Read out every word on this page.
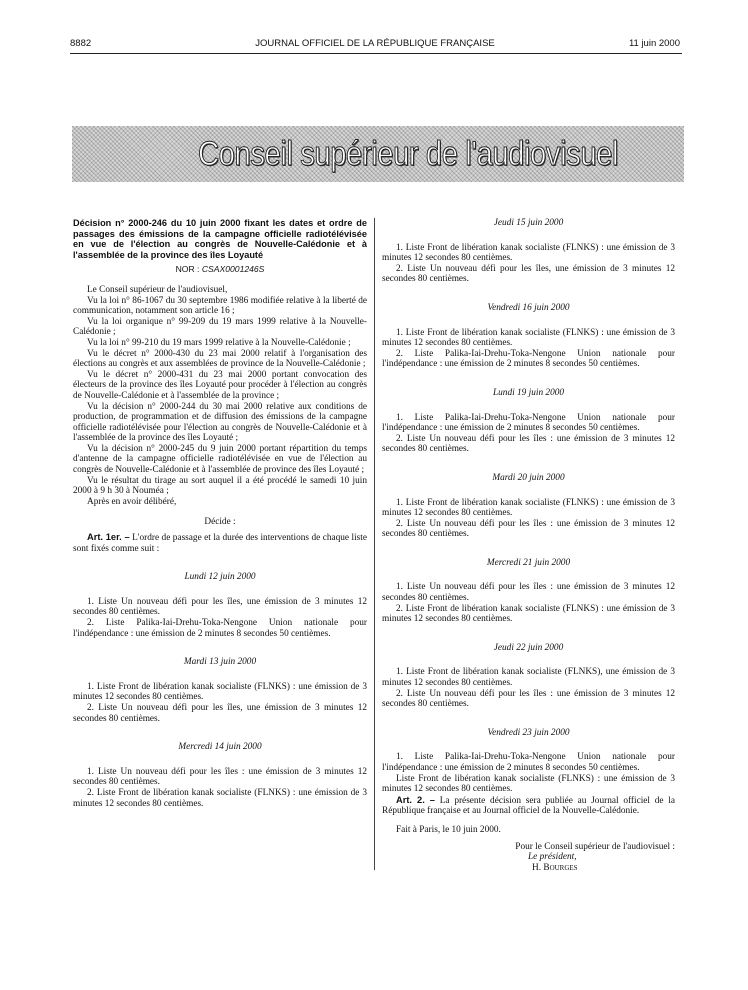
8882	JOURNAL OFFICIEL DE LA RÉPUBLIQUE FRANÇAISE	11 juin 2000
Conseil supérieur de l'audiovisuel

Décision n° 2000-246 du 10 juin 2000 fixant les dates et ordre de passages des émissions de la campagne officielle radiotélévisée en vue de l'élection au congrès de Nouvelle-Calédonie et à l'assemblée de la province des îles Loyauté

NOR : CSAX0001246S

Le Conseil supérieur de l'audiovisuel,

Vu la loi n° 86-1067 du 30 septembre 1986 modifiée relative à la liberté de communication, notamment son article 16 ;

Vu la loi organique n° 99-209 du 19 mars 1999 relative à la Nouvelle-Calédonie ;

Vu la loi n° 99-210 du 19 mars 1999 relative à la Nouvelle-Calédonie ;

Vu le décret n° 2000-430 du 23 mai 2000 relatif à l'organisation des élections au congrès et aux assemblées de province de la Nouvelle-Calédonie ;

Vu le décret n° 2000-431 du 23 mai 2000 portant convocation des électeurs de la province des îles Loyauté pour procéder à l'élection au congrès de Nouvelle-Calédonie et à l'assemblée de la province ;

Vu la décision n° 2000-244 du 30 mai 2000 relative aux conditions de production, de programmation et de diffusion des émissions de la campagne officielle radiotélévisée pour l'élection au congrès de Nouvelle-Calédonie et à l'assemblée de la province des îles Loyauté ;

Vu la décision n° 2000-245 du 9 juin 2000 portant répartition du temps d'antenne de la campagne officielle radiotélévisée en vue de l'élection au congrès de Nouvelle-Calédonie et à l'assemblée de province des îles Loyauté ;

Vu le résultat du tirage au sort auquel il a été procédé le samedi 10 juin 2000 à 9 h 30 à Nouméa ;

Après en avoir délibéré,

Décide :

Art. 1er. – L'ordre de passage et la durée des interventions de chaque liste sont fixés comme suit :

Lundi 12 juin 2000

1. Liste Un nouveau défi pour les îles, une émission de 3 minutes 12 secondes 80 centièmes.

2. Liste Palika-Iai-Drehu-Toka-Nengone Union nationale pour l'indépendance : une émission de 2 minutes 8 secondes 50 centièmes.

Mardi 13 juin 2000

1. Liste Front de libération kanak socialiste (FLNKS) : une émission de 3 minutes 12 secondes 80 centièmes.

2. Liste Un nouveau défi pour les îles, une émission de 3 minutes 12 secondes 80 centièmes.

Mercredi 14 juin 2000

1. Liste Un nouveau défi pour les îles : une émission de 3 minutes 12 secondes 80 centièmes.

2. Liste Front de libération kanak socialiste (FLNKS) : une émission de 3 minutes 12 secondes 80 centièmes.

Jeudi 15 juin 2000

1. Liste Front de libération kanak socialiste (FLNKS) : une émission de 3 minutes 12 secondes 80 centièmes.

2. Liste Un nouveau défi pour les îles, une émission de 3 minutes 12 secondes 80 centièmes.

Vendredi 16 juin 2000

1. Liste Front de libération kanak socialiste (FLNKS) : une émission de 3 minutes 12 secondes 80 centièmes.

2. Liste Palika-Iai-Drehu-Toka-Nengone Union nationale pour l'indépendance : une émission de 2 minutes 8 secondes 50 centièmes.

Lundi 19 juin 2000

1. Liste Palika-Iai-Drehu-Toka-Nengone Union nationale pour l'indépendance : une émission de 2 minutes 8 secondes 50 centièmes.

2. Liste Un nouveau défi pour les îles : une émission de 3 minutes 12 secondes 80 centièmes.

Mardi 20 juin 2000

1. Liste Front de libération kanak socialiste (FLNKS) : une émission de 3 minutes 12 secondes 80 centièmes.

2. Liste Un nouveau défi pour les îles : une émission de 3 minutes 12 secondes 80 centièmes.

Mercredi 21 juin 2000

1. Liste Un nouveau défi pour les îles : une émission de 3 minutes 12 secondes 80 centièmes.

2. Liste Front de libération kanak socialiste (FLNKS) : une émission de 3 minutes 12 secondes 80 centièmes.

Jeudi 22 juin 2000

1. Liste Front de libération kanak socialiste (FLNKS), une émission de 3 minutes 12 secondes 80 centièmes.

2. Liste Un nouveau défi pour les îles : une émission de 3 minutes 12 secondes 80 centièmes.

Vendredi 23 juin 2000

1. Liste Palika-Iai-Drehu-Toka-Nengone Union nationale pour l'indépendance : une émission de 2 minutes 8 secondes 50 centièmes.

Liste Front de libération kanak socialiste (FLNKS) : une émission de 3 minutes 12 secondes 80 centièmes.

Art. 2. – La présente décision sera publiée au Journal officiel de la République française et au Journal officiel de la Nouvelle-Calédonie.

Fait à Paris, le 10 juin 2000.

Pour le Conseil supérieur de l'audiovisuel :

Le président,

H. Bourges
